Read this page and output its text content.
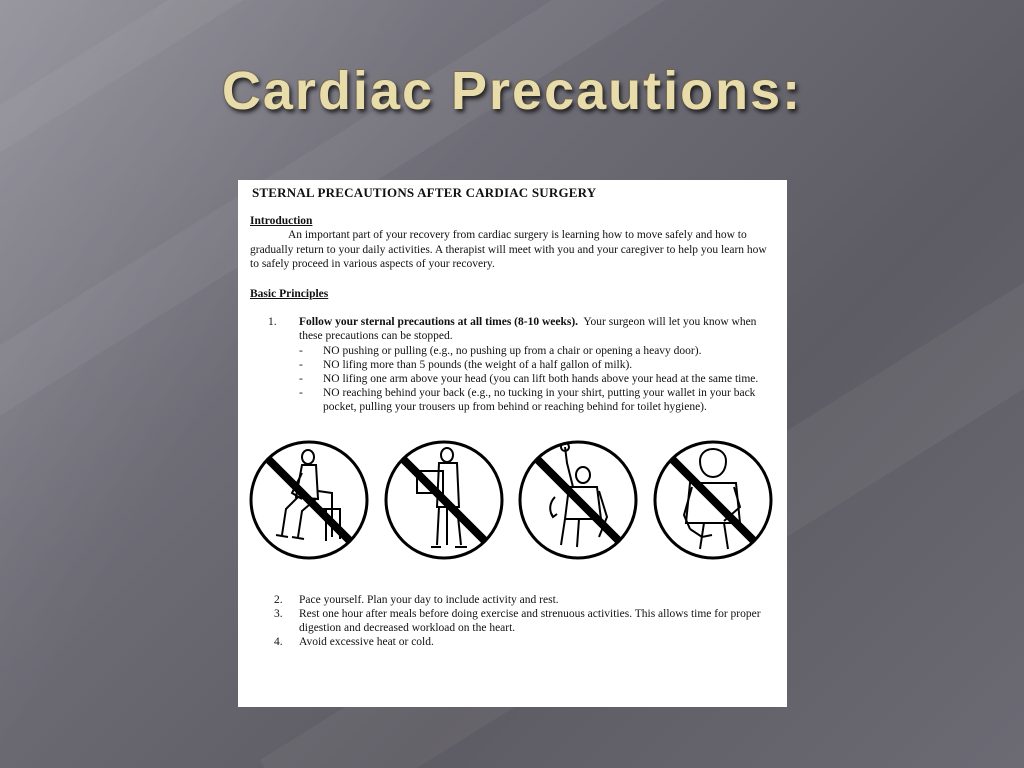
Cardiac Precautions:
STERNAL PRECAUTIONS AFTER CARDIAC SURGERY
Introduction

An important part of your recovery from cardiac surgery is learning how to move safely and how to gradually return to your daily activities. A therapist will meet with you and your caregiver to help you learn how to safely proceed in various aspects of your recovery.

Basic Principles
1.	Follow your sternal precautions at all times (8-10 weeks). Your surgeon will let you know when these precautions can be stopped.
-	NO pushing or pulling (e.g., no pushing up from a chair or opening a heavy door).
-	NO lifing more than 5 pounds (the weight of a half gallon of milk).
-	NO lifing one arm above your head (you can lift both hands above your head at the same time.
-	NO reaching behind your back (e.g., no tucking in your shirt, putting your wallet in your back pocket, pulling your trousers up from behind or reaching behind for toilet hygiene).
2.	Pace yourself. Plan your day to include activity and rest.
3.	Rest one hour after meals before doing exercise and strenuous activities. This allows time for proper digestion and decreased workload on the heart.
4.	Avoid excessive heat or cold.
